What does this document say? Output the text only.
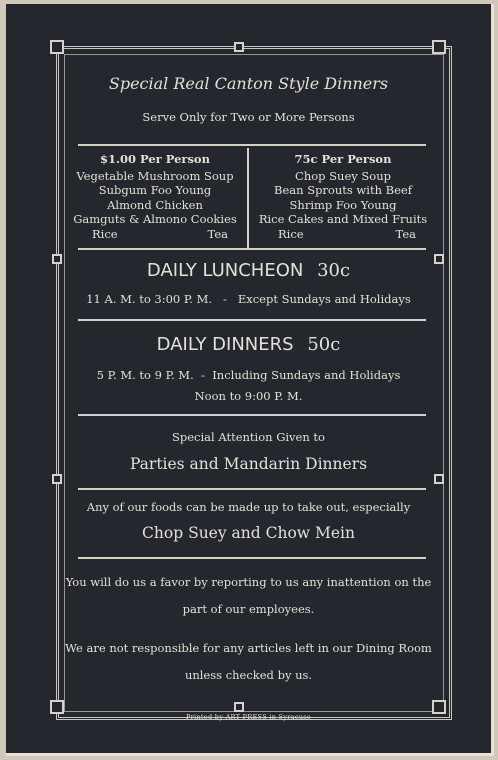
Special Real Canton Style Dinners
Serve Only for Two or More Persons
$1.00 Per Person
Vegetable Mushroom Soup
Subgum Foo Young
Almond Chicken
Gamguts & Almono Cookies
Rice	Tea
75c Per Person
Chop Suey Soup
Bean Sprouts with Beef
Shrimp Foo Young
Rice Cakes and Mixed Fruits
Rice	Tea
DAILY LUNCHEON 30c
11 A. M. to 3:00 P. M.   -   Except Sundays and Holidays
DAILY DINNERS 50c
5 P. M. to 9 P. M.  -  Including Sundays and Holidays
Noon to 9:00 P. M.
Special Attention Given to
Parties and Mandarin Dinners
Any of our foods can be made up to take out, especially
Chop Suey and Chow Mein
You will do us a favor by reporting to us any inattention on the
part of our employees.
We are not responsible for any articles left in our Dining Room
unless checked by us.
Printed by ART PRESS in Syracuse
